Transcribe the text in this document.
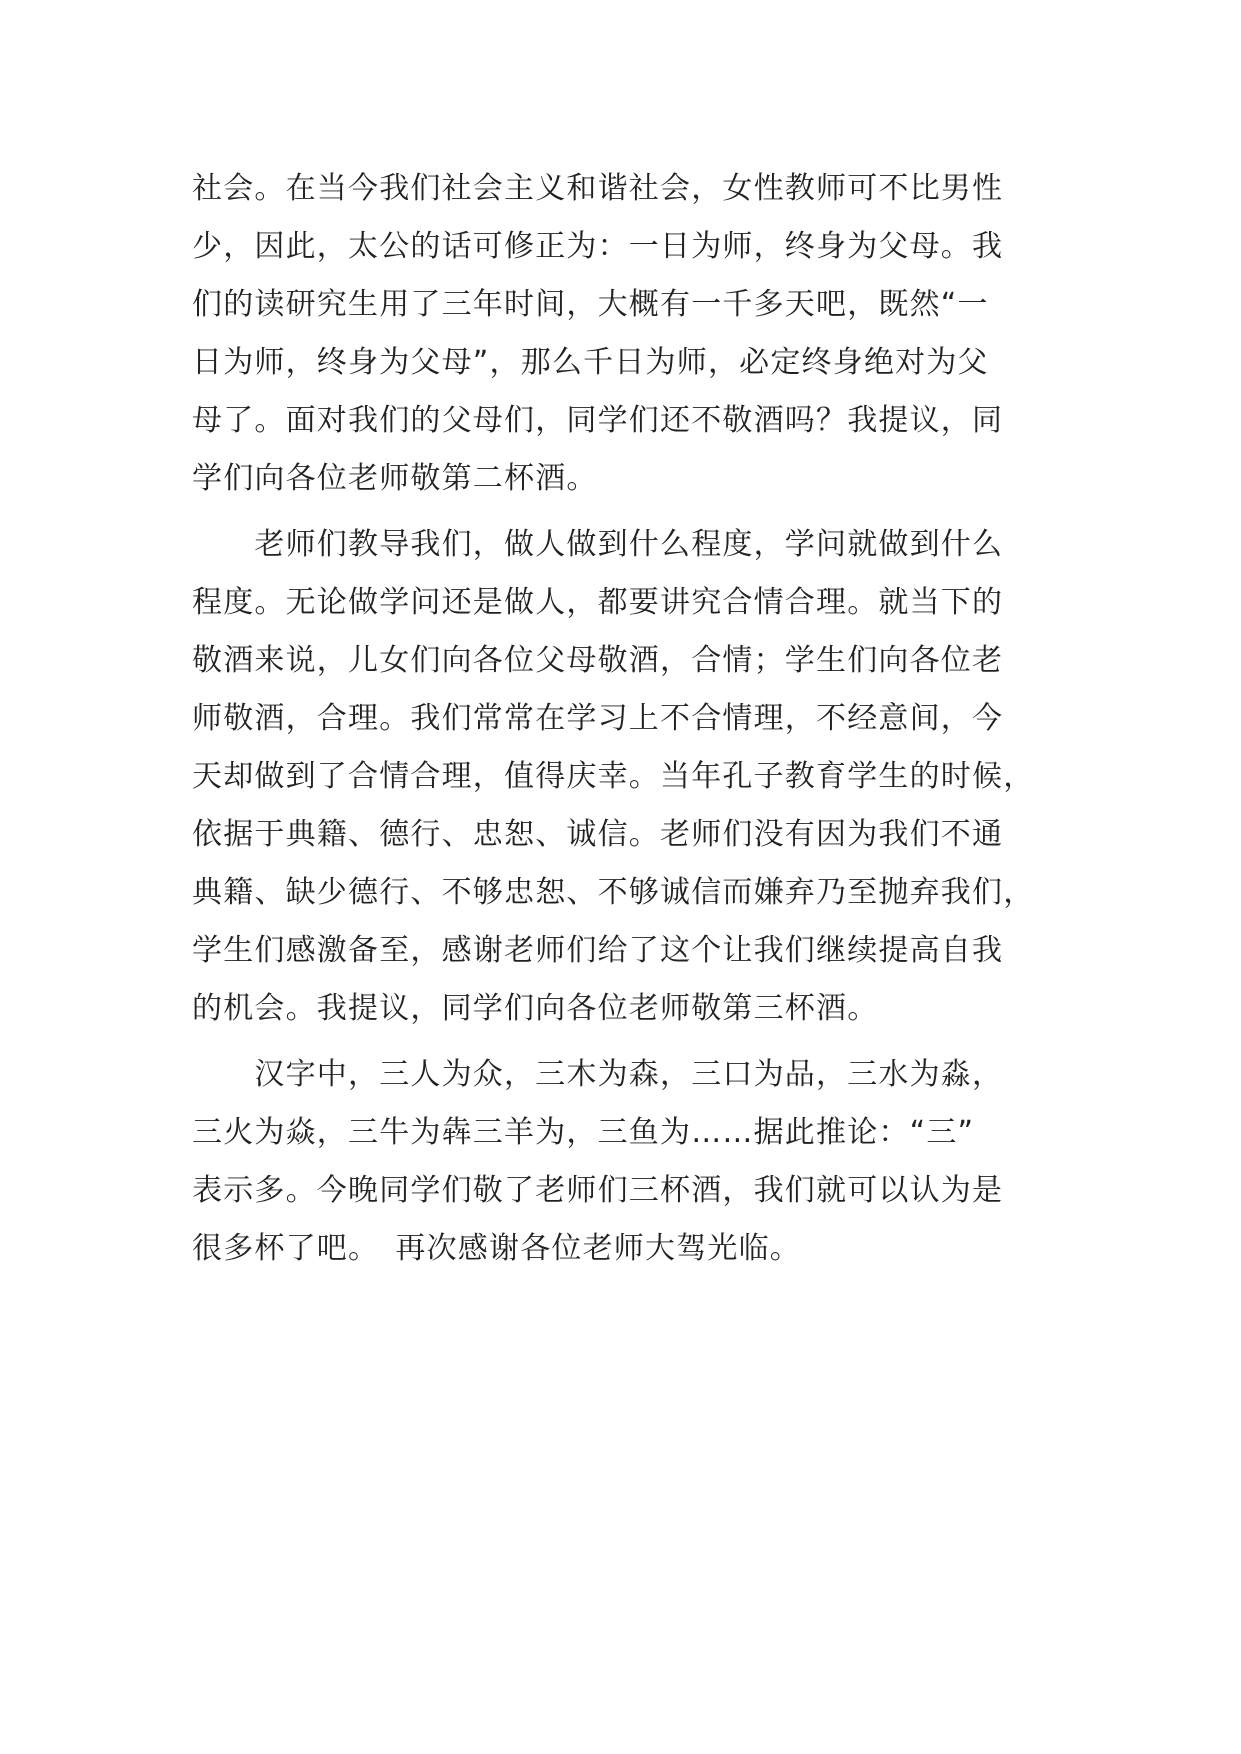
社会。在当今我们社会主义和谐社会，女性教师可不比男性
少，因此，太公的话可修正为：一日为师，终身为父母。我
们的读研究生用了三年时间，大概有一千多天吧，既然“一
日为师，终身为父母”，那么千日为师，必定终身绝对为父
母了。面对我们的父母们，同学们还不敬酒吗？我提议，同
学们向各位老师敬第二杯酒。
　　老师们教导我们，做人做到什么程度，学问就做到什么
程度。无论做学问还是做人，都要讲究合情合理。就当下的
敬酒来说，儿女们向各位父母敬酒，合情；学生们向各位老
师敬酒，合理。我们常常在学习上不合情理，不经意间，今
天却做到了合情合理，值得庆幸。当年孔子教育学生的时候，
依据于典籍、德行、忠恕、诚信。老师们没有因为我们不通
典籍、缺少德行、不够忠恕、不够诚信而嫌弃乃至抛弃我们，
学生们感激备至，感谢老师们给了这个让我们继续提高自我
的机会。我提议，同学们向各位老师敬第三杯酒。
　　汉字中，三人为众，三木为森，三口为品，三水为淼，
三火为焱，三牛为犇三羊为，三鱼为……据此推论：“三”
表示多。今晚同学们敬了老师们三杯酒，我们就可以认为是
很多杯了吧。　再次感谢各位老师大驾光临。
